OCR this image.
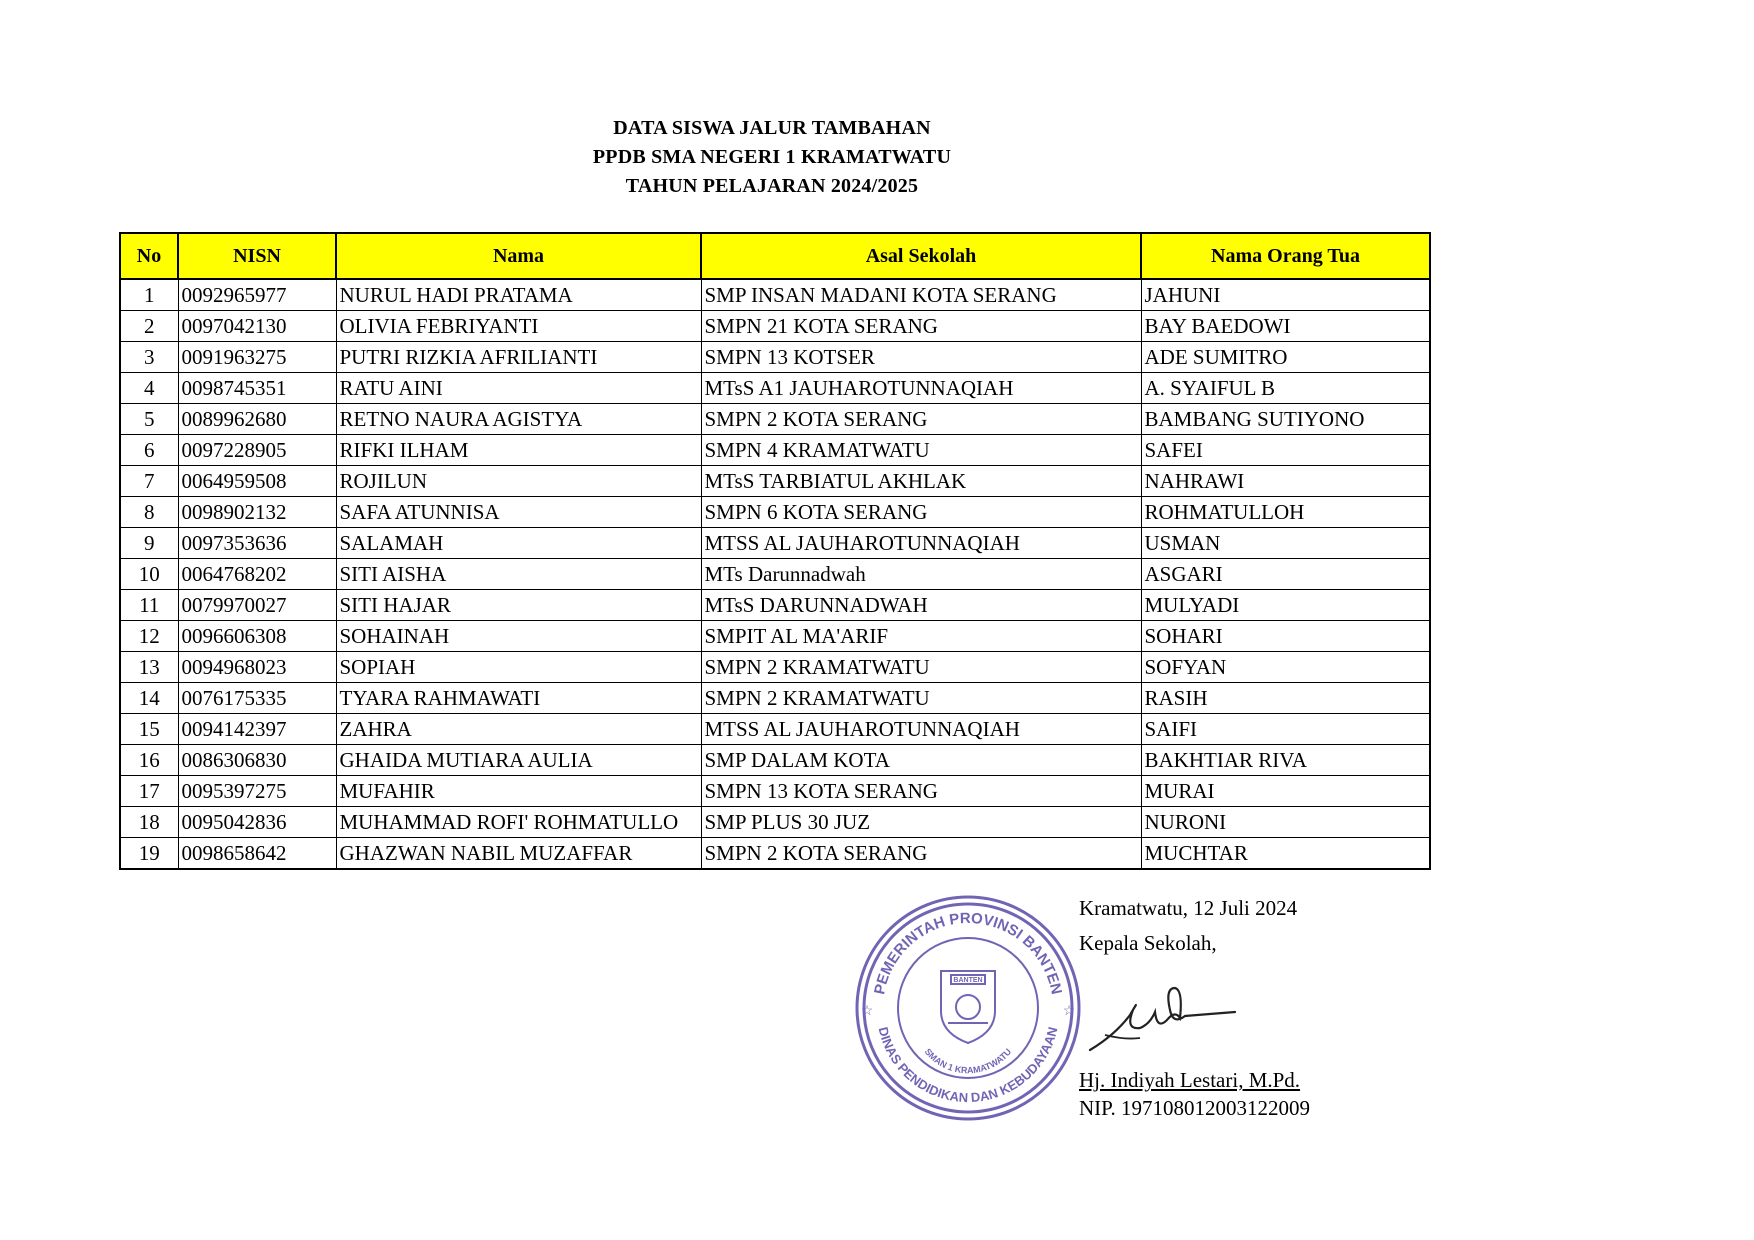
DATA SISWA JALUR TAMBAHAN
PPDB SMA NEGERI 1 KRAMATWATU
TAHUN PELAJARAN 2024/2025
No	NISN	Nama	Asal Sekolah	Nama Orang Tua
1	0092965977	NURUL HADI PRATAMA	SMP INSAN MADANI KOTA SERANG	JAHUNI
2	0097042130	OLIVIA FEBRIYANTI	SMPN 21 KOTA SERANG	BAY BAEDOWI
3	0091963275	PUTRI RIZKIA AFRILIANTI	SMPN 13 KOTSER	ADE SUMITRO
4	0098745351	RATU AINI	MTsS A1 JAUHAROTUNNAQIAH	A. SYAIFUL B
5	0089962680	RETNO NAURA AGISTYA	SMPN 2 KOTA SERANG	BAMBANG SUTIYONO
6	0097228905	RIFKI ILHAM	SMPN 4 KRAMATWATU	SAFEI
7	0064959508	ROJILUN	MTsS TARBIATUL AKHLAK	NAHRAWI
8	0098902132	SAFA ATUNNISA	SMPN 6 KOTA SERANG	ROHMATULLOH
9	0097353636	SALAMAH	MTSS AL JAUHAROTUNNAQIAH	USMAN
10	0064768202	SITI AISHA	MTs Darunnadwah	ASGARI
11	0079970027	SITI HAJAR	MTsS DARUNNADWAH	MULYADI
12	0096606308	SOHAINAH	SMPIT AL MA'ARIF	SOHARI
13	0094968023	SOPIAH	SMPN 2 KRAMATWATU	SOFYAN
14	0076175335	TYARA RAHMAWATI	SMPN 2 KRAMATWATU	RASIH
15	0094142397	ZAHRA	MTSS AL JAUHAROTUNNAQIAH	SAIFI
16	0086306830	GHAIDA MUTIARA AULIA	SMP DALAM KOTA	BAKHTIAR RIVA
17	0095397275	MUFAHIR	SMPN 13 KOTA SERANG	MURAI
18	0095042836	MUHAMMAD ROFI' ROHMATULLO	SMP PLUS 30 JUZ	NURONI
19	0098658642	GHAZWAN NABIL MUZAFFAR	SMPN 2 KOTA SERANG	MUCHTAR
PEMERINTAH PROVINSI BANTEN
DINAS PENDIDIKAN DAN KEBUDAYAAN
SMAN 1 KRAMATWATU
BANTEN
☆	☆
Kramatwatu, 12 Juli 2024
Kepala Sekolah,
Hj. Indiyah Lestari, M.Pd.
NIP. 197108012003122009
